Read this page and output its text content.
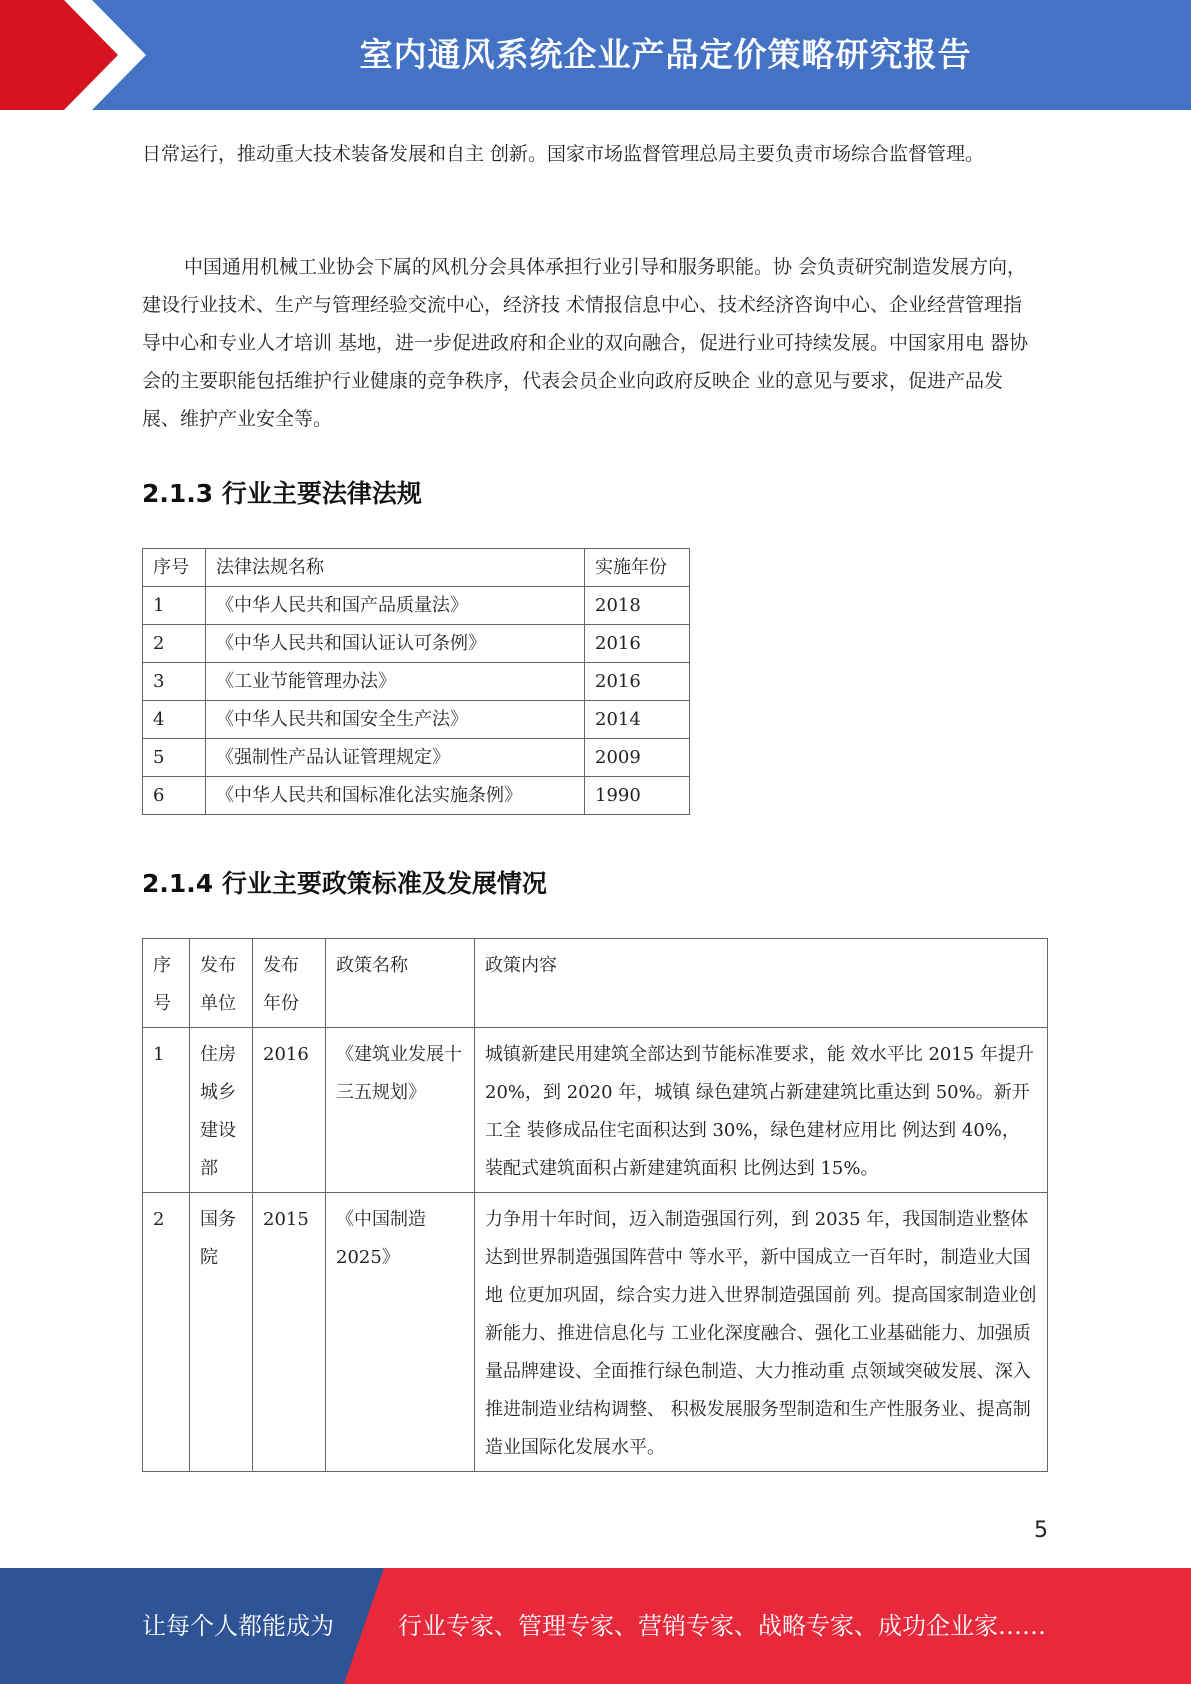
室内通风系统企业产品定价策略研究报告

日常运行，推动重大技术装备发展和自主 创新。国家市场监督管理总局主要负责市场综合监督管理。

中国通用机械工业协会下属的风机分会具体承担行业引导和服务职能。协 会负责研究制造发展方向，建设行业技术、生产与管理经验交流中心，经济技 术情报信息中心、技术经济咨询中心、企业经营管理指导中心和专业人才培训 基地，进一步促进政府和企业的双向融合，促进行业可持续发展。中国家用电 器协会的主要职能包括维护行业健康的竞争秩序，代表会员企业向政府反映企 业的意见与要求，促进产品发展、维护产业安全等。

2.1.3 行业主要法律法规
序号	法律法规名称	实施年份
1	《中华人民共和国产品质量法》	2018
2	《中华人民共和国认证认可条例》	2016
3	《工业节能管理办法》	2016
4	《中华人民共和国安全生产法》	2014
5	《强制性产品认证管理规定》	2009
6	《中华人民共和国标准化法实施条例》	1990
2.1.4 行业主要政策标准及发展情况
序号	发布单位	发布年份	政策名称	政策内容
1	住房城乡建设部	2016	《建筑业发展十三五规划》	城镇新建民用建筑全部达到节能标准要求，能 效水平比 2015 年提升 20%，到 2020 年，城镇 绿色建筑占新建建筑比重达到 50%。新开工全 装修成品住宅面积达到 30%，绿色建材应用比 例达到 40%，装配式建筑面积占新建建筑面积 比例达到 15%。
2	国务院	2015	《中国制造 2025》	力争用十年时间，迈入制造强国行列，到 2035 年，我国制造业整体达到世界制造强国阵营中 等水平，新中国成立一百年时，制造业大国地 位更加巩固，综合实力进入世界制造强国前 列。提高国家制造业创新能力、推进信息化与 工业化深度融合、强化工业基础能力、加强质 量品牌建设、全面推行绿色制造、大力推动重 点领域突破发展、深入推进制造业结构调整、 积极发展服务型制造和生产性服务业、提高制 造业国际化发展水平。
5
让每个人都能成为	行业专家、管理专家、营销专家、战略专家、成功企业家……
